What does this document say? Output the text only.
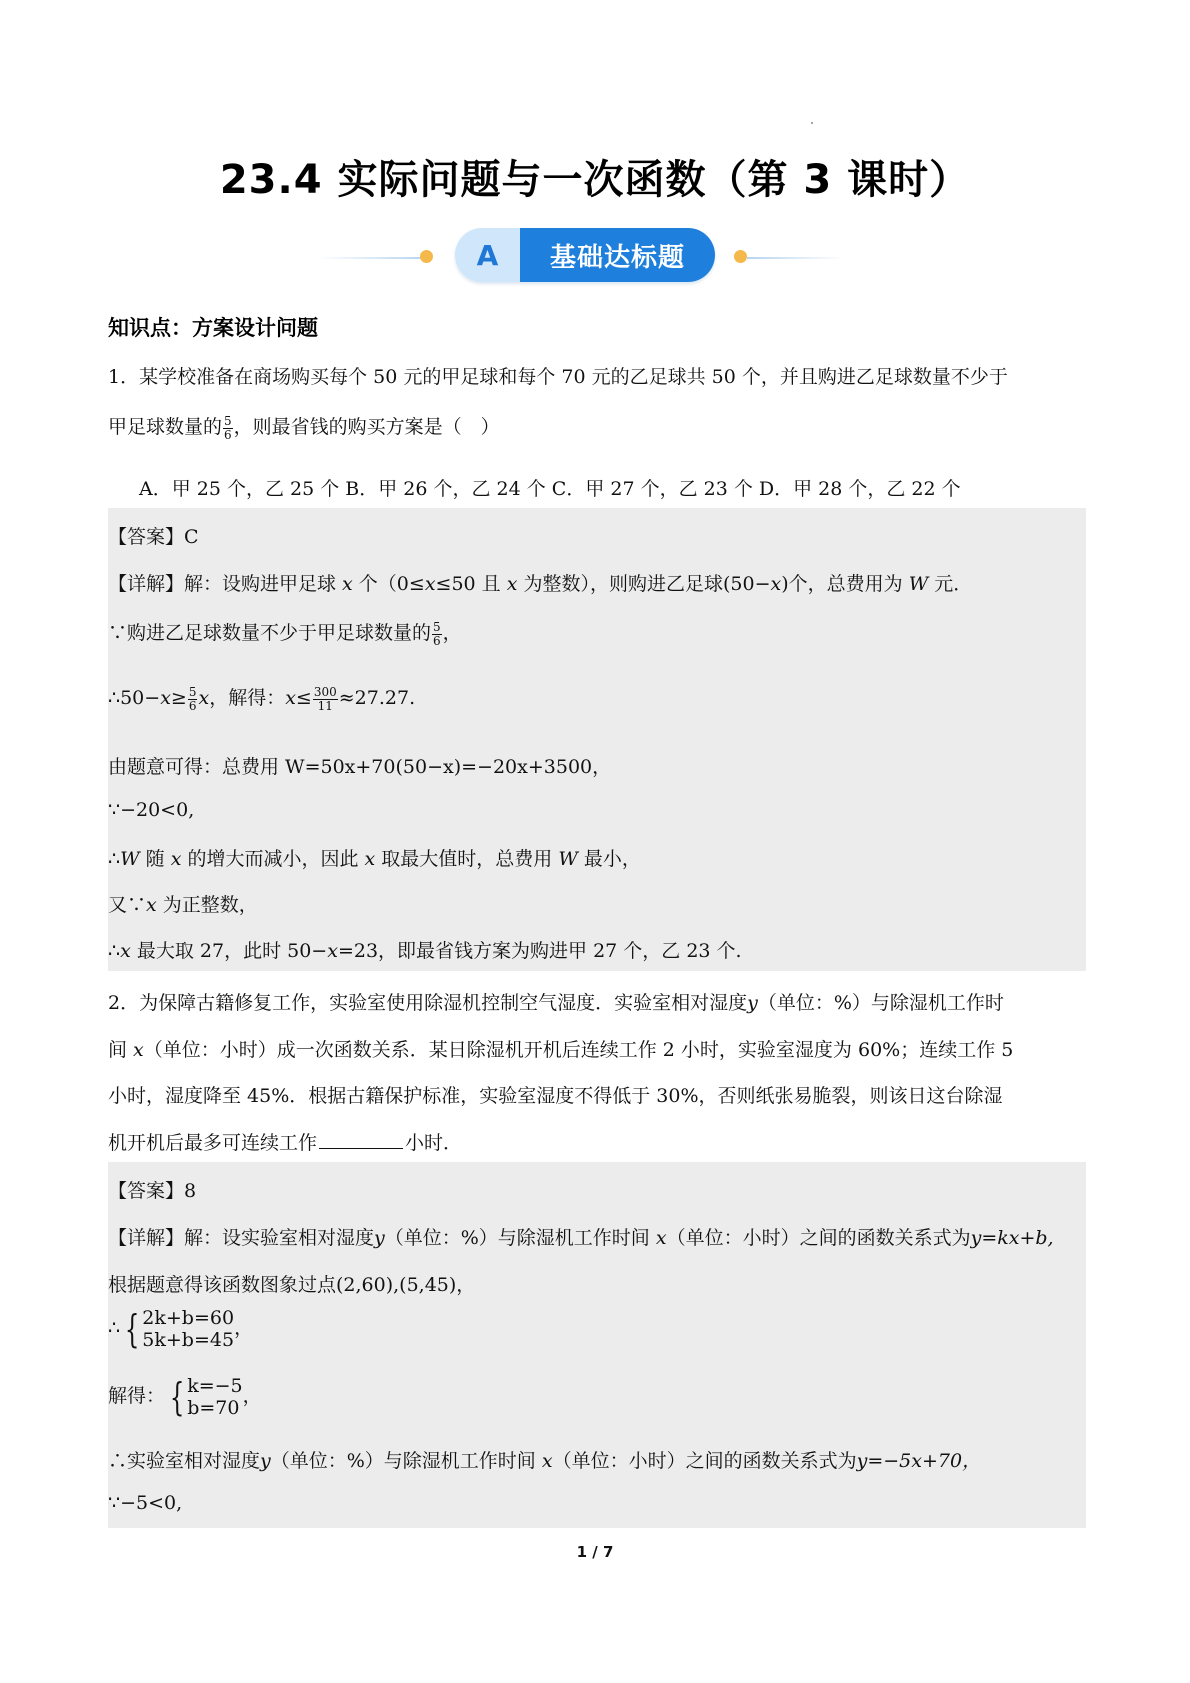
23.4 实际问题与一次函数（第 3 课时）
A	基础达标题
知识点：方案设计问题
1．某学校准备在商场购买每个 50 元的甲足球和每个 70 元的乙足球共 50 个，并且购进乙足球数量不少于
甲足球数量的 $\frac{5}{6}$ ，则最省钱的购买方案是（　）
A．甲 25 个，乙 25 个 B．甲 26 个，乙 24 个 C．甲 27 个，乙 23 个 D．甲 28 个，乙 22 个
【答案】C
【详解】解：设购进甲足球 x 个（0≤x≤50 且 x 为整数），则购进乙足球(50−x)个，总费用为 W 元．
∵购进乙足球数量不少于甲足球数量的 $\frac{5}{6}$ ，
∴50−x≥ $\frac{5}{6}$ x，解得：$x\le \frac{300}{11} \approx 27.27$.
由题意可得：总费用 W=50x+70(50−x)=−20x+3500，
∵−20<0,
∴W 随 x 的增大而减小，因此 x 取最大值时，总费用 W 最小，
又∵x 为正整数，
∴x 最大取 27，此时 50−x=23，即最省钱方案为购进甲 27 个，乙 23 个.
2．为保障古籍修复工作，实验室使用除湿机控制空气湿度．实验室相对湿度y（单位：%）与除湿机工作时
间 x（单位：小时）成一次函数关系．某日除湿机开机后连续工作 2 小时，实验室湿度为 60%；连续工作 5
小时，湿度降至 45%．根据古籍保护标准，实验室湿度不得低于 30%，否则纸张易脆裂，则该日这台除湿
机开机后最多可连续工作	小时．
【答案】8
【详解】解：设实验室相对湿度y（单位：%）与除湿机工作时间 x（单位：小时）之间的函数关系式为y=kx+b,
根据题意得该函数图象过点(2,60),(5,45)，
∴ { 2k+b=60
5k+b=45
，
解得： { k=−5
b=70
，
∴实验室相对湿度y（单位：%）与除湿机工作时间 x（单位：小时）之间的函数关系式为y=−5x+70，
∵−5<0,
1 / 7
